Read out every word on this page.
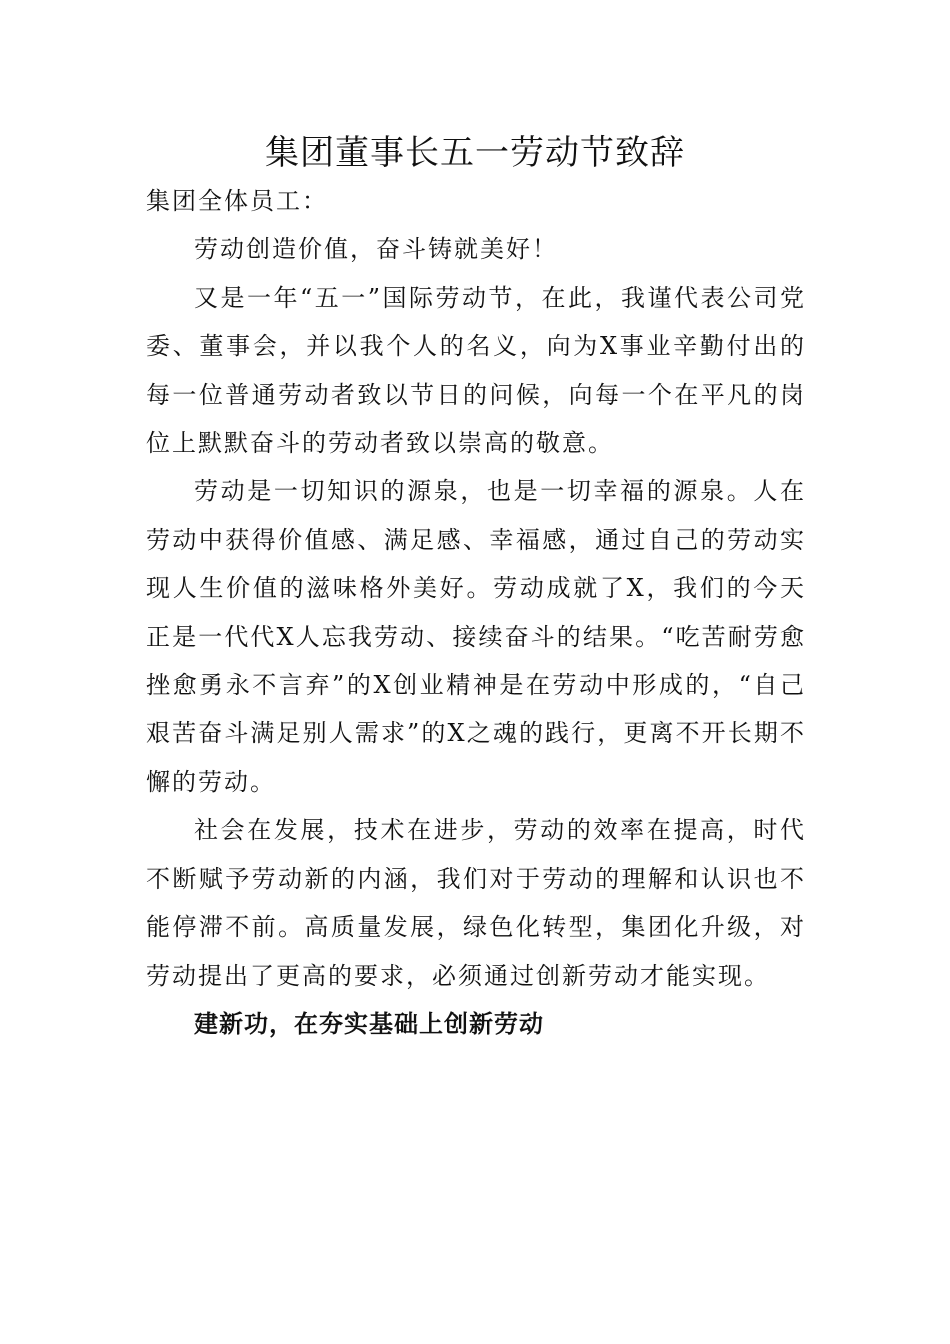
集团董事长五一劳动节致辞

集团全体员工：

劳动创造价值，奋斗铸就美好！

又是一年“五一”国际劳动节，在此，我谨代表公司党委、董事会，并以我个人的名义，向为X事业辛勤付出的每一位普通劳动者致以节日的问候，向每一个在平凡的岗位上默默奋斗的劳动者致以崇高的敬意。

劳动是一切知识的源泉，也是一切幸福的源泉。人在劳动中获得价值感、满足感、幸福感，通过自己的劳动实现人生价值的滋味格外美好。劳动成就了X，我们的今天正是一代代X人忘我劳动、接续奋斗的结果。“吃苦耐劳愈挫愈勇永不言弃”的X创业精神是在劳动中形成的，“自己艰苦奋斗满足别人需求”的X之魂的践行，更离不开长期不懈的劳动。

社会在发展，技术在进步，劳动的效率在提高，时代不断赋予劳动新的内涵，我们对于劳动的理解和认识也不能停滞不前。高质量发展，绿色化转型，集团化升级，对劳动提出了更高的要求，必须通过创新劳动才能实现。

建新功，在夯实基础上创新劳动
